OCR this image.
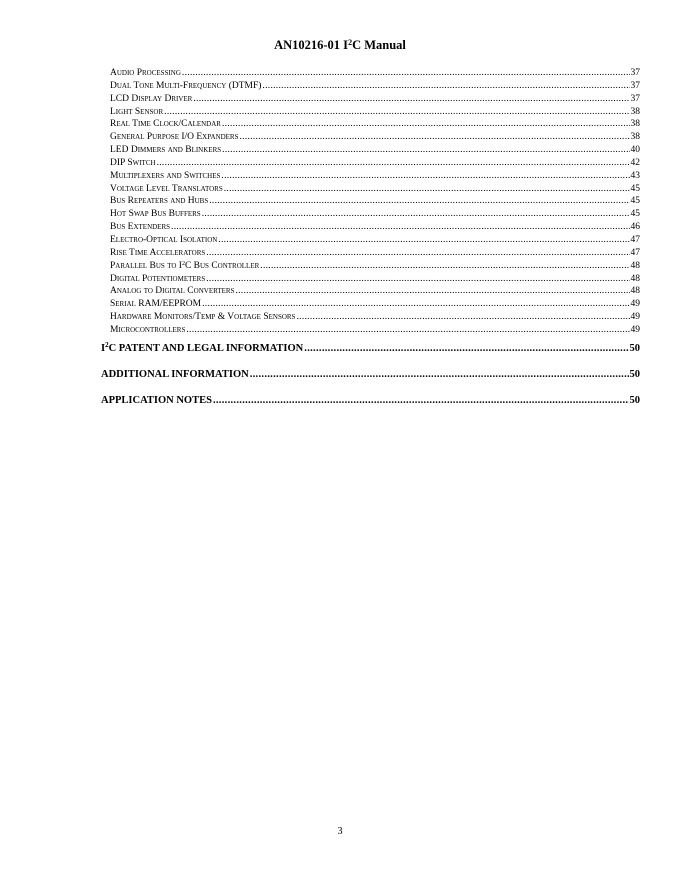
AN10216-01 $I^2C$ Manual
Audio Processing .....	37
Dual Tone Multi-Frequency (DTMF) .....	37
LCD Display Driver .....	37
Light Sensor .....	38
Real Time Clock/Calendar .....	38
General Purpose I/O Expanders .....	38
LED Dimmers and Blinkers .....	40
DIP Switch .....	42
Multiplexers and Switches .....	43
Voltage Level Translators .....	45
Bus Repeaters and Hubs .....	45
Hot Swap Bus Buffers .....	45
Bus Extenders .....	46
Electro-Optical Isolation .....	47
Rise Time Accelerators .....	47
Parallel Bus to $I^2C$ Bus Controller .....	48
Digital Potentiometers .....	48
Analog to Digital Converters .....	48
Serial RAM/EEPROM .....	49
Hardware Monitors/Temp & Voltage Sensors .....	49
Microcontrollers .....	49
$I^2C$ PATENT AND LEGAL INFORMATION .....	50
ADDITIONAL INFORMATION .....	50
APPLICATION NOTES .....	50
3
